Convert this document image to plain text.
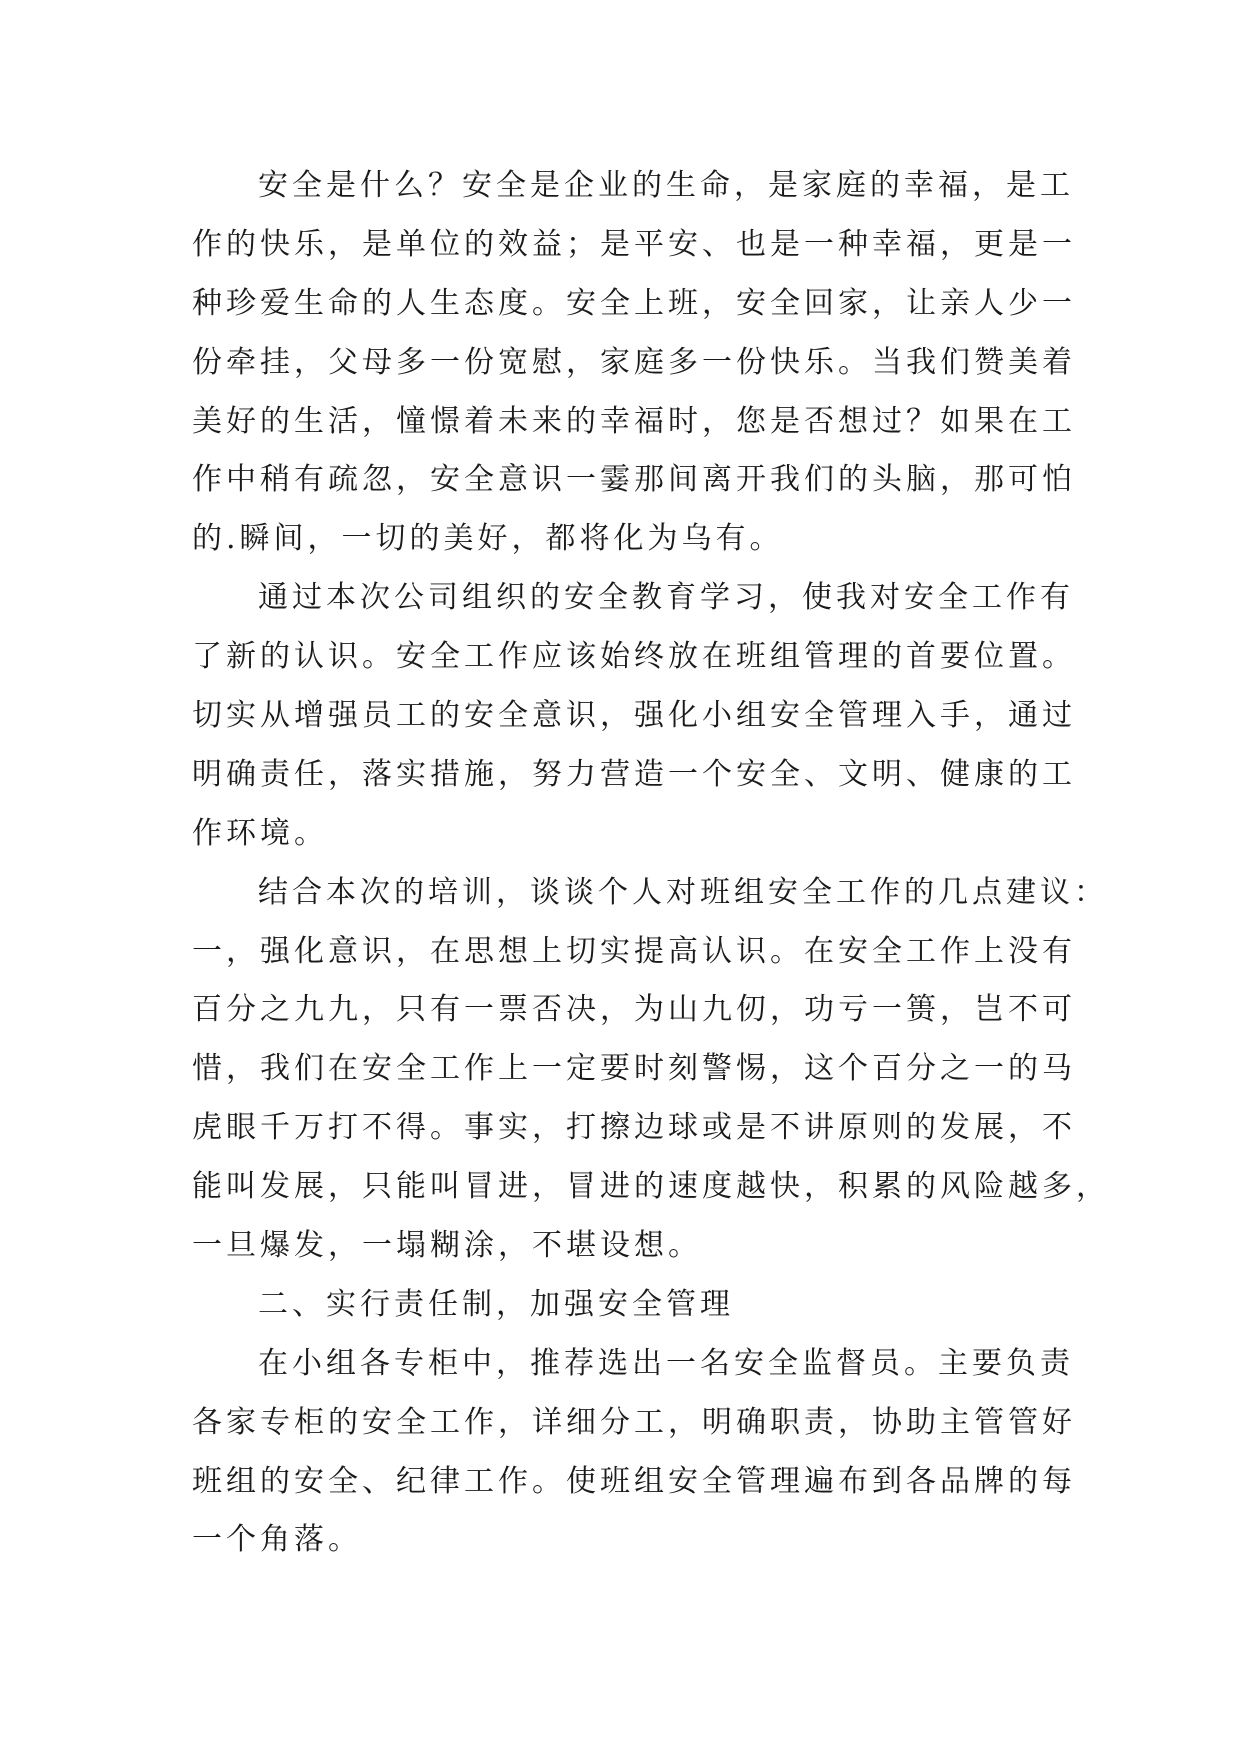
安全是什么？安全是企业的生命，是家庭的幸福，是工
作的快乐，是单位的效益；是平安、也是一种幸福，更是一
种珍爱生命的人生态度。安全上班，安全回家，让亲人少一
份牵挂，父母多一份宽慰，家庭多一份快乐。当我们赞美着
美好的生活，憧憬着未来的幸福时，您是否想过？如果在工
作中稍有疏忽，安全意识一霎那间离开我们的头脑，那可怕
的.瞬间，一切的美好，都将化为乌有。
通过本次公司组织的安全教育学习，使我对安全工作有
了新的认识。安全工作应该始终放在班组管理的首要位置。
切实从增强员工的安全意识，强化小组安全管理入手，通过
明确责任，落实措施，努力营造一个安全、文明、健康的工
作环境。
结合本次的培训，谈谈个人对班组安全工作的几点建议：
一，强化意识，在思想上切实提高认识。在安全工作上没有
百分之九九，只有一票否决，为山九仞，功亏一篑，岂不可
惜，我们在安全工作上一定要时刻警惕，这个百分之一的马
虎眼千万打不得。事实，打擦边球或是不讲原则的发展，不
能叫发展，只能叫冒进，冒进的速度越快，积累的风险越多，
一旦爆发，一塌糊涂，不堪设想。
二、实行责任制，加强安全管理
在小组各专柜中，推荐选出一名安全监督员。主要负责
各家专柜的安全工作，详细分工，明确职责，协助主管管好
班组的安全、纪律工作。使班组安全管理遍布到各品牌的每
一个角落。
